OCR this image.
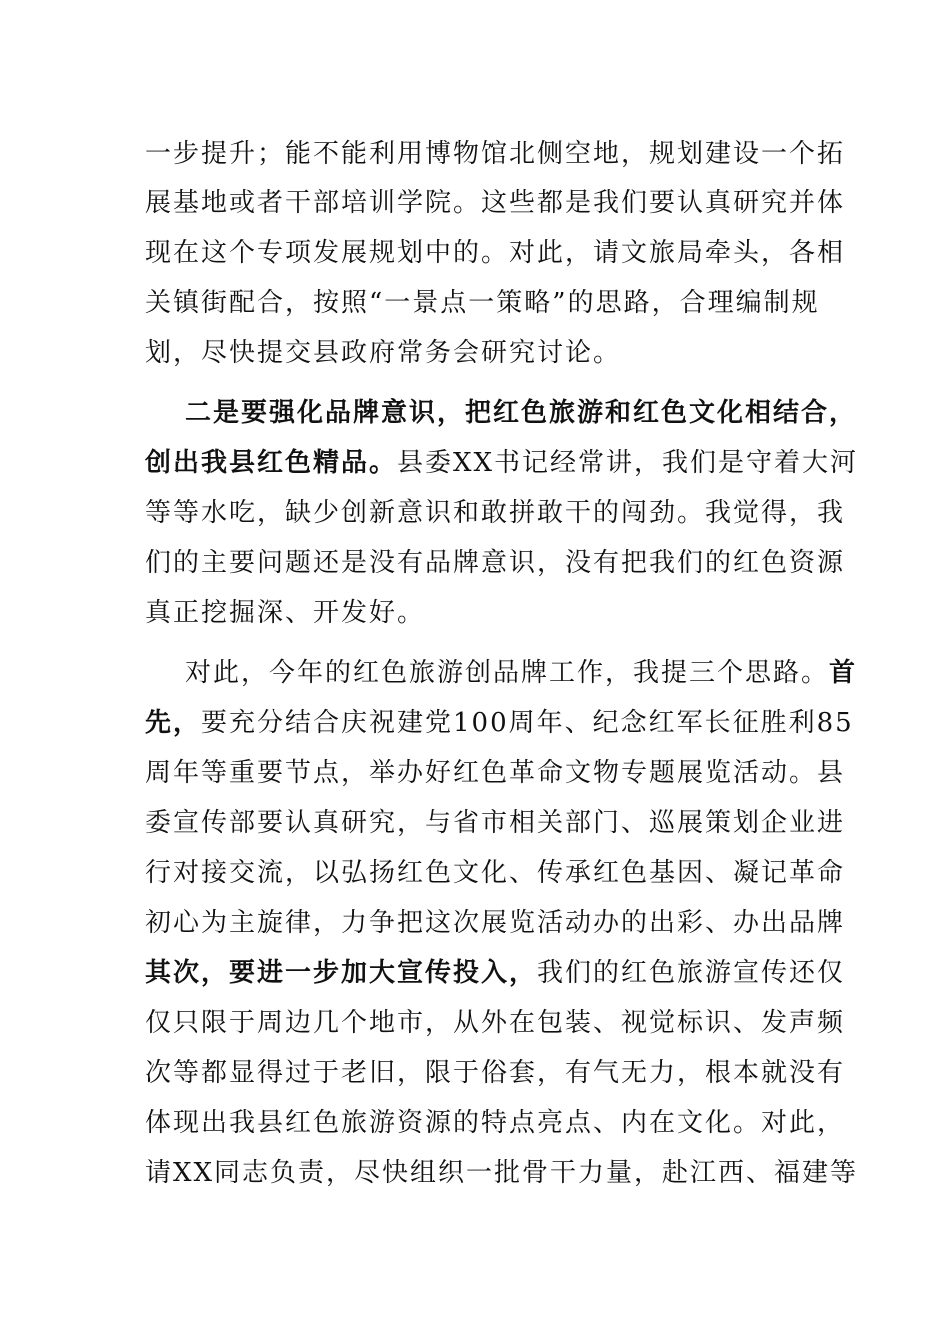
一步提升；能不能利用博物馆北侧空地，规划建设一个拓
展基地或者干部培训学院。这些都是我们要认真研究并体
现在这个专项发展规划中的。对此，请文旅局牵头，各相
关镇街配合，按照“一景点一策略”的思路，合理编制规
划，尽快提交县政府常务会研究讨论。
二是要强化品牌意识，把红色旅游和红色文化相结合，
创出我县红色精品。县委XX书记经常讲，我们是守着大河
等等水吃，缺少创新意识和敢拼敢干的闯劲。我觉得，我
们的主要问题还是没有品牌意识，没有把我们的红色资源
真正挖掘深、开发好。
对此，今年的红色旅游创品牌工作，我提三个思路。首
先，要充分结合庆祝建党100周年、纪念红军长征胜利85
周年等重要节点，举办好红色革命文物专题展览活动。县
委宣传部要认真研究，与省市相关部门、巡展策划企业进
行对接交流，以弘扬红色文化、传承红色基因、凝记革命
初心为主旋律，力争把这次展览活动办的出彩、办出品牌
其次，要进一步加大宣传投入，我们的红色旅游宣传还仅
仅只限于周边几个地市，从外在包装、视觉标识、发声频
次等都显得过于老旧，限于俗套，有气无力，根本就没有
体现出我县红色旅游资源的特点亮点、内在文化。对此，
请XX同志负责，尽快组织一批骨干力量，赴江西、福建等
